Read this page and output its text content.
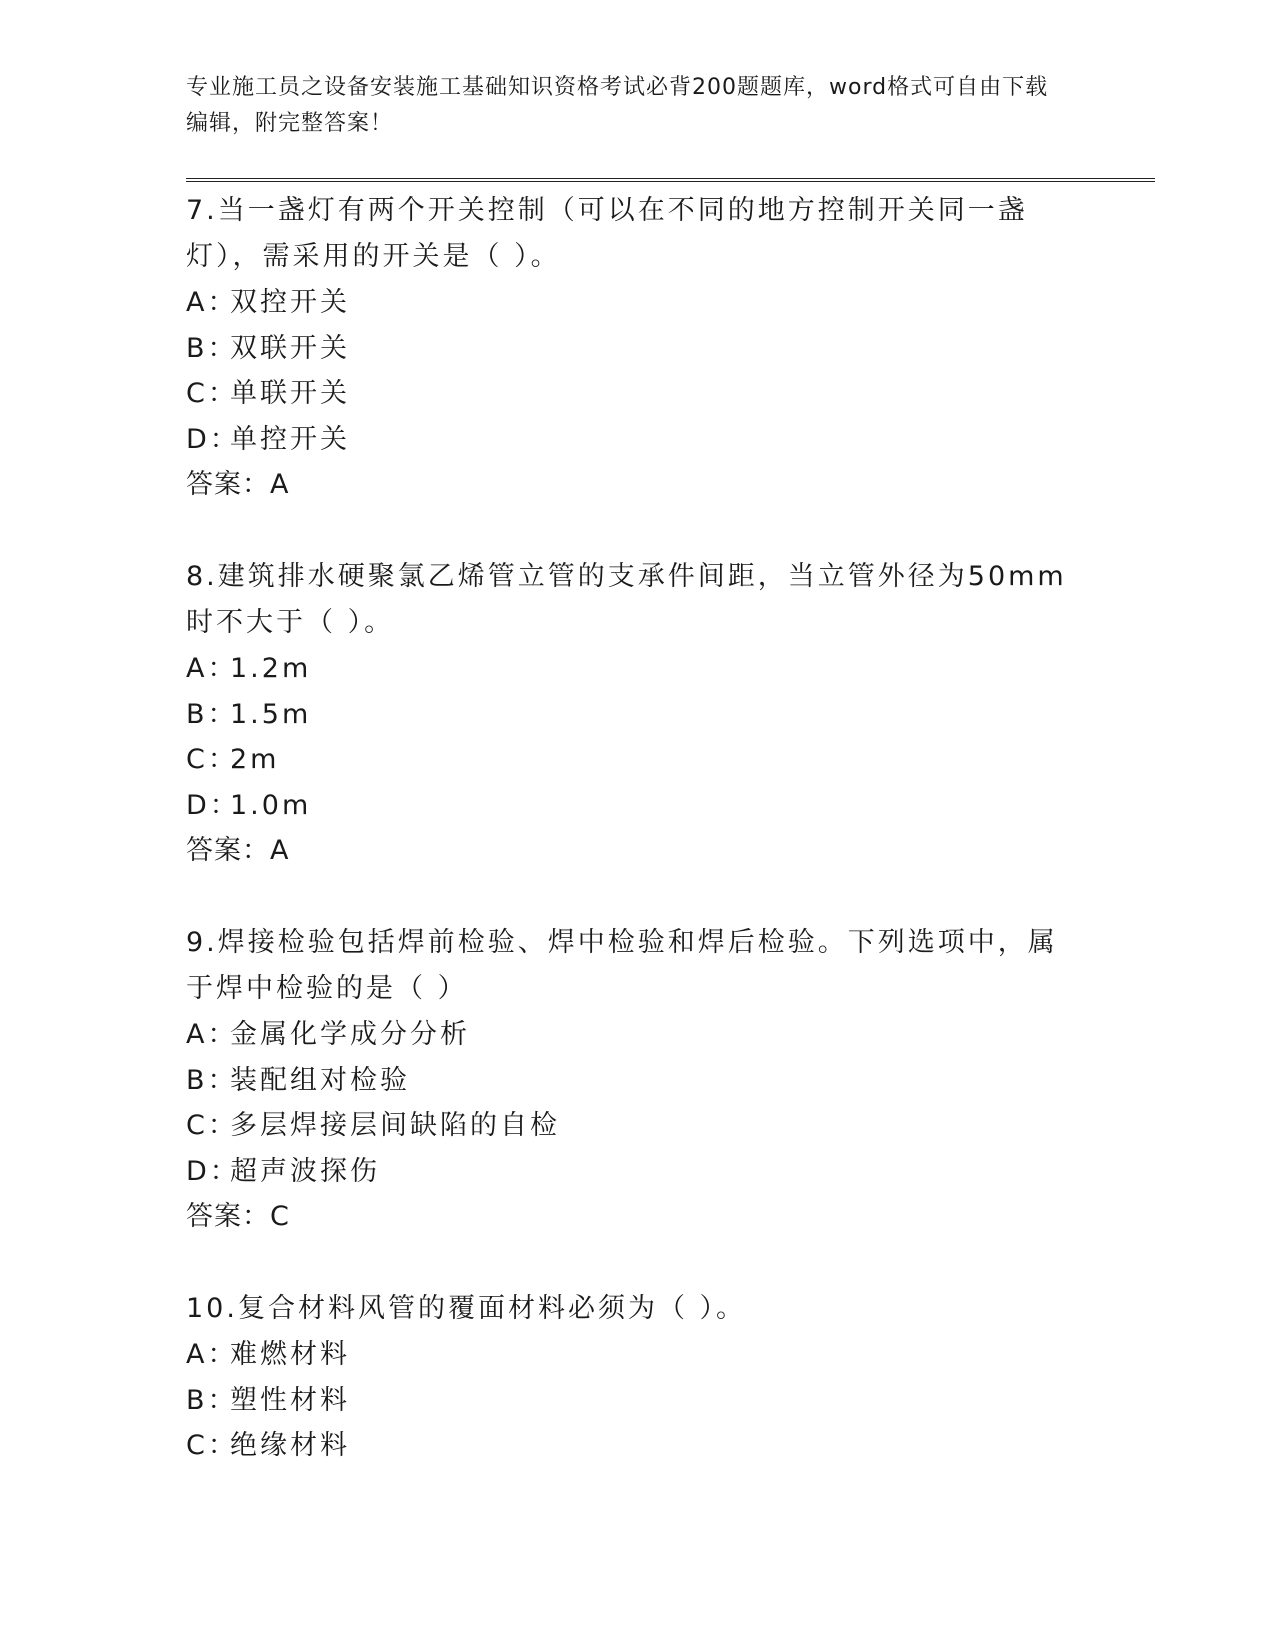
专业施工员之设备安装施工基础知识资格考试必背200题题库，word格式可自由下载编辑，附完整答案！

7.当一盏灯有两个开关控制（可以在不同的地方控制开关同一盏灯），需采用的开关是（ ）。

A：双控开关
B：双联开关
C：单联开关
D：单控开关

答案：A

8.建筑排水硬聚氯乙烯管立管的支承件间距，当立管外径为50mm时不大于（ ）。

A：1.2m
B：1.5m
C：2m
D：1.0m

答案：A

9.焊接检验包括焊前检验、焊中检验和焊后检验。下列选项中，属于焊中检验的是（ ）

A：金属化学成分分析
B：装配组对检验
C：多层焊接层间缺陷的自检
D：超声波探伤

答案：C

10.复合材料风管的覆面材料必须为（ ）。

A：难燃材料
B：塑性材料
C：绝缘材料
